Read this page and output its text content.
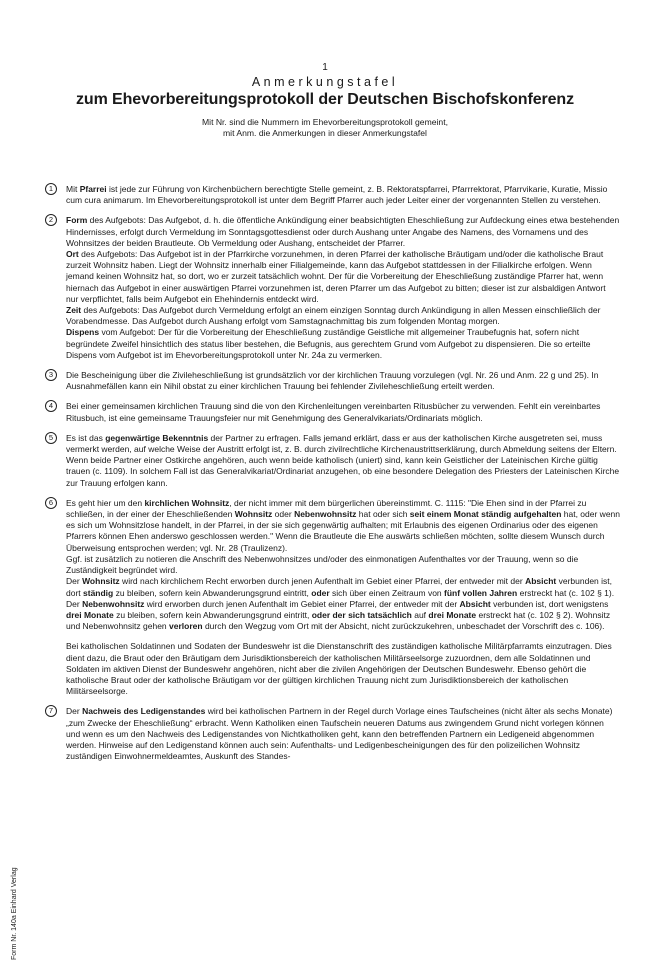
1
Anmerkungstafel
zum Ehevorbereitungsprotokoll der Deutschen Bischofskonferenz
Mit Nr. sind die Nummern im Ehevorbereitungsprotokoll gemeint,
mit Anm. die Anmerkungen in dieser Anmerkungstafel
1	Mit Pfarrei ist jede zur Führung von Kirchenbüchern berechtigte Stelle gemeint, z. B. Rektoratspfarrei, Pfarrrektorat, Pfarrvikarie, Kuratie, Missio cum cura animarum. Im Ehevorbereitungsprotokoll ist unter dem Begriff Pfarrer auch jeder Leiter einer der vorgenannten Stellen zu verstehen.

2	Form des Aufgebots: Das Aufgebot, d. h. die öffentliche Ankündigung einer beabsichtigten Eheschließung zur Aufdeckung eines etwa bestehenden Hindernisses, erfolgt durch Vermeldung im Sonntagsgottesdienst oder durch Aushang unter Angabe des Namens, des Vornamens und des Wohnsitzes der beiden Brautleute. Ob Vermeldung oder Aushang, entscheidet der Pfarrer.

Ort des Aufgebots: Das Aufgebot ist in der Pfarrkirche vorzunehmen, in deren Pfarrei der katholische Bräutigam und/oder die katholische Braut zurzeit Wohnsitz haben. Liegt der Wohnsitz innerhalb einer Filialgemeinde, kann das Aufgebot stattdessen in der Filialkirche erfolgen. Wenn jemand keinen Wohnsitz hat, so dort, wo er zurzeit tatsächlich wohnt. Der für die Vorbereitung der Eheschließung zuständige Pfarrer hat, wenn hiernach das Aufgebot in einer auswärtigen Pfarrei vorzunehmen ist, deren Pfarrer um das Aufgebot zu bitten; dieser ist zur alsbaldigen Antwort nur verpflichtet, falls beim Aufgebot ein Ehehindernis entdeckt wird.

Zeit des Aufgebots: Das Aufgebot durch Vermeldung erfolgt an einem einzigen Sonntag durch Ankündigung in allen Messen einschließlich der Vorabendmesse. Das Aufgebot durch Aushang erfolgt vom Samstagnachmittag bis zum folgenden Montag morgen.

Dispens vom Aufgebot: Der für die Vorbereitung der Eheschließung zuständige Geistliche mit allgemeiner Traubefugnis hat, sofern nicht begründete Zweifel hinsichtlich des status liber bestehen, die Befugnis, aus gerechtem Grund vom Aufgebot zu dispensieren. Die so erteilte Dispens vom Aufgebot ist im Ehevorbereitungsprotokoll unter Nr. 24a zu vermerken.

3	Die Bescheinigung über die Zivileheschließung ist grundsätzlich vor der kirchlichen Trauung vorzulegen (vgl. Nr. 26 und Anm. 22 g und 25). In Ausnahmefällen kann ein Nihil obstat zu einer kirchlichen Trauung bei fehlender Zivileheschließung erteilt werden.

4	Bei einer gemeinsamen kirchlichen Trauung sind die von den Kirchenleitungen vereinbarten Ritusbücher zu verwenden. Fehlt ein vereinbartes Ritusbuch, ist eine gemeinsame Trauungsfeier nur mit Genehmigung des Generalvikariats/Ordinariats möglich.

5	Es ist das gegenwärtige Bekenntnis der Partner zu erfragen. Falls jemand erklärt, dass er aus der katholischen Kirche ausgetreten sei, muss vermerkt werden, auf welche Weise der Austritt erfolgt ist, z. B. durch zivilrechtliche Kirchenaustrittserklärung, durch Abmeldung seitens der Eltern.

Wenn beide Partner einer Ostkirche angehören, auch wenn beide katholisch (uniert) sind, kann kein Geistlicher der Lateinischen Kirche gültig trauen (c. 1109). In solchem Fall ist das Generalvikariat/Ordinariat anzugehen, ob eine besondere Delegation des Priesters der Lateinischen Kirche zur Trauung erfolgen kann.

6	Es geht hier um den kirchlichen Wohnsitz, der nicht immer mit dem bürgerlichen übereinstimmt. C. 1115: "Die Ehen sind in der Pfarrei zu schließen, in der einer der Eheschließenden Wohnsitz oder Nebenwohnsitz hat oder sich seit einem Monat ständig aufgehalten hat, oder wenn es sich um Wohnsitzlose handelt, in der Pfarrei, in der sie sich gegenwärtig aufhalten; mit Erlaubnis des eigenen Ordinarius oder des eigenen Pfarrers können Ehen anderswo geschlossen werden." Wenn die Brautleute die Ehe auswärts schließen möchten, sollte diesem Wunsch durch Überweisung entsprochen werden; vgl. Nr. 28 (Traulizenz).

Ggf. ist zusätzlich zu notieren die Anschrift des Nebenwohnsitzes und/oder des einmonatigen Aufenthaltes vor der Trauung, wenn so die Zuständigkeit begründet wird.

Der Wohnsitz wird nach kirchlichem Recht erworben durch jenen Aufenthalt im Gebiet einer Pfarrei, der entweder mit der Absicht verbunden ist, dort ständig zu bleiben, sofern kein Abwanderungsgrund eintritt, oder sich über einen Zeitraum von fünf vollen Jahren erstreckt hat (c. 102 § 1). Der Nebenwohnsitz wird erworben durch jenen Aufenthalt im Gebiet einer Pfarrei, der entweder mit der Absicht verbunden ist, dort wenigstens drei Monate zu bleiben, sofern kein Abwanderungsgrund eintritt, oder der sich tatsächlich auf drei Monate erstreckt hat (c. 102 § 2). Wohnsitz und Nebenwohnsitz gehen verloren durch den Wegzug vom Ort mit der Absicht, nicht zurückzukehren, unbeschadet der Vorschrift des c. 106).

Bei katholischen Soldatinnen und Sodaten der Bundeswehr ist die Dienstanschrift des zuständigen katholische Militärpfarramts einzutragen. Dies dient dazu, die Braut oder den Bräutigam dem Jurisdiktionsbereich der katholischen Militärseelsorge zuzuordnen, dem alle Soldatinnen und Soldaten im aktiven Dienst der Bundeswehr angehören, nicht aber die zivilen Angehörigen der Deutschen Bundeswehr. Ebenso gehört die katholische Braut oder der katholische Bräutigam vor der gültigen kirchlichen Trauung nicht zum Jurisdiktionsbereich der katholischen Militärseelsorge.

7	Der Nachweis des Ledigenstandes wird bei katholischen Partnern in der Regel durch Vorlage eines Taufscheines (nicht älter als sechs Monate) „zum Zwecke der Eheschließung“ erbracht. Wenn Katholiken einen Taufschein neueren Datums aus zwingendem Grund nicht vorlegen können und wenn es um den Nachweis des Ledigenstandes von Nichtkatholiken geht, kann den betreffenden Partnern ein Ledigeneid abgenommen werden. Hinweise auf den Ledigenstand können auch sein: Aufenthalts- und Ledigenbescheinigungen des für den polizeilichen Wohnsitz zuständigen Einwohnermeldeamtes, Auskunft des Standes-

Form Nr. 140a Einhard Verlag
